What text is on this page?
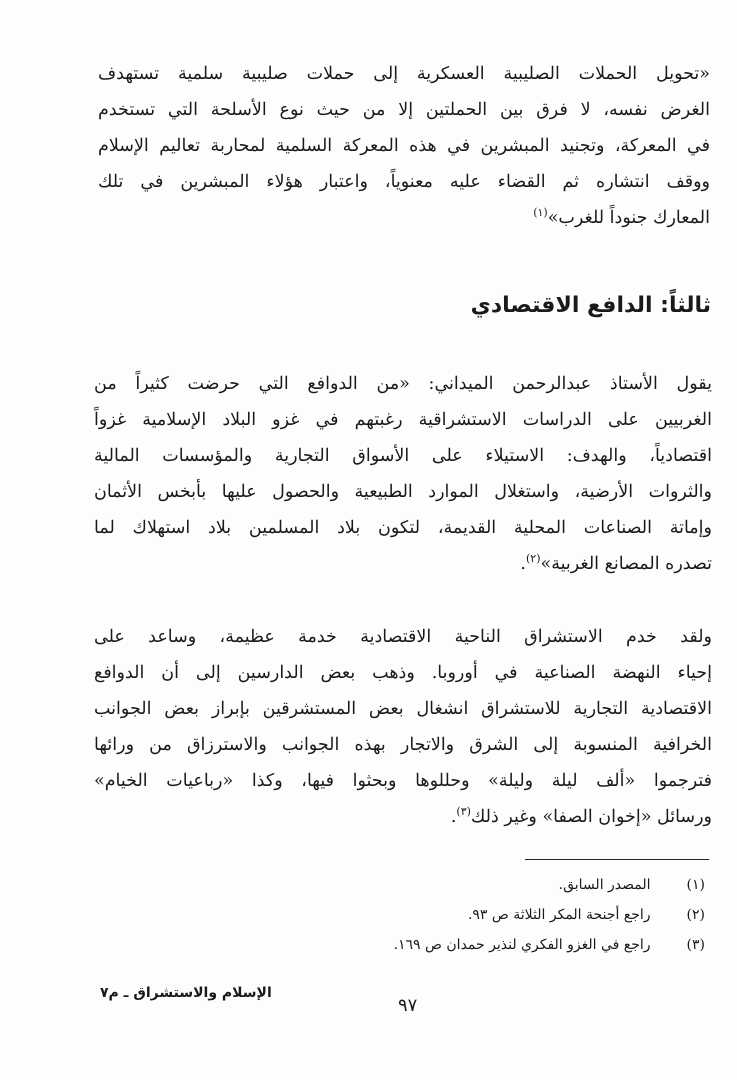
«تحويل الحملات الصليبية العسكرية إلى حملات صليبية سلمية تستهدف
الغرض نفسه، لا فرق بين الحملتين إلا من حيث نوع الأسلحة التي تستخدم
في المعركة، وتجنيد المبشرين في هذه المعركة السلمية لمحاربة تعاليم الإسلام
ووقف انتشاره ثم القضاء عليه معنوياً، واعتبار هؤلاء المبشرين في تلك
المعارك جنوداً للغرب»$^{(١)}$
ثالثاً: الدافع الاقتصادي
يقول الأستاذ عبدالرحمن الميداني: «من الدوافع التي حرضت كثيراً من
الغربيين على الدراسات الاستشراقية رغبتهم في غزو البلاد الإسلامية غزواً
اقتصادياً، والهدف: الاستيلاء على الأسواق التجارية والمؤسسات المالية
والثروات الأرضية، واستغلال الموارد الطبيعية والحصول عليها بأبخس الأثمان
وإماتة الصناعات المحلية القديمة، لتكون بلاد المسلمين بلاد استهلاك لما
تصدره المصانع الغربية»$^{(٢)}$.
ولقد خدم الاستشراق الناحية الاقتصادية خدمة عظيمة، وساعد على
إحياء النهضة الصناعية في أوروبا. وذهب بعض الدارسين إلى أن الدوافع
الاقتصادية التجارية للاستشراق انشغال بعض المستشرقين بإبراز بعض الجوانب
الخرافية المنسوبة إلى الشرق والاتجار بهذه الجوانب والاسترزاق من ورائها
فترجموا «ألف ليلة وليلة» وحللوها وبحثوا فيها، وكذا «رباعيات الخيام»
ورسائل «إخوان الصفا» وغير ذلك$^{(٣)}$.
(١) المصدر السابق.
(٢) راجع أجنحة المكر الثلاثة ص ٩٣.
(٣) راجع في الغزو الفكري لنذير حمدان ص ١٦٩.
الإسلام والاستشراق ـ م٧
٩٧
